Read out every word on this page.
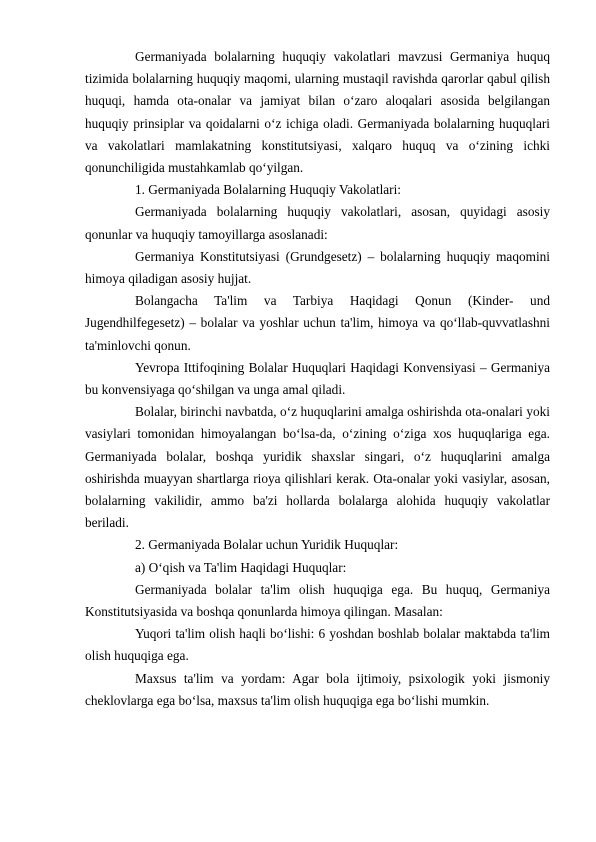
Germaniyada bolalarning huquqiy vakolatlari mavzusi Germaniya huquq tizimida bolalarning huquqiy maqomi, ularning mustaqil ravishda qarorlar qabul qilish huquqi, hamda ota-onalar va jamiyat bilan o‘zaro aloqalari asosida belgilangan huquqiy prinsiplar va qoidalarni o‘z ichiga oladi. Germaniyada bolalarning huquqlari va vakolatlari mamlakatning konstitutsiyasi, xalqaro huquq va o‘zining ichki qonunchiligida mustahkamlab qo‘yilgan.

1. Germaniyada Bolalarning Huquqiy Vakolatlari:

Germaniyada bolalarning huquqiy vakolatlari, asosan, quyidagi asosiy qonunlar va huquqiy tamoyillarga asoslanadi:

Germaniya Konstitutsiyasi (Grundgesetz) – bolalarning huquqiy maqomini himoya qiladigan asosiy hujjat.

Bolangacha Ta'lim va Tarbiya Haqidagi Qonun (Kinder- und Jugendhilfegesetz) – bolalar va yoshlar uchun ta'lim, himoya va qo‘llab-quvvatlashni ta'minlovchi qonun.

Yevropa Ittifoqining Bolalar Huquqlari Haqidagi Konvensiyasi – Germaniya bu konvensiyaga qo‘shilgan va unga amal qiladi.

Bolalar, birinchi navbatda, o‘z huquqlarini amalga oshirishda ota-onalari yoki vasiylari tomonidan himoyalangan bo‘lsa-da, o‘zining o‘ziga xos huquqlariga ega. Germaniyada bolalar, boshqa yuridik shaxslar singari, o‘z huquqlarini amalga oshirishda muayyan shartlarga rioya qilishlari kerak. Ota-onalar yoki vasiylar, asosan, bolalarning vakilidir, ammo ba'zi hollarda bolalarga alohida huquqiy vakolatlar beriladi.

2. Germaniyada Bolalar uchun Yuridik Huquqlar:

a) O‘qish va Ta'lim Haqidagi Huquqlar:

Germaniyada bolalar ta'lim olish huquqiga ega. Bu huquq, Germaniya Konstitutsiyasida va boshqa qonunlarda himoya qilingan. Masalan:

Yuqori ta'lim olish haqli bo‘lishi: 6 yoshdan boshlab bolalar maktabda ta'lim olish huquqiga ega.

Maxsus ta'lim va yordam: Agar bola ijtimoiy, psixologik yoki jismoniy cheklovlarga ega bo‘lsa, maxsus ta'lim olish huquqiga ega bo‘lishi mumkin.
